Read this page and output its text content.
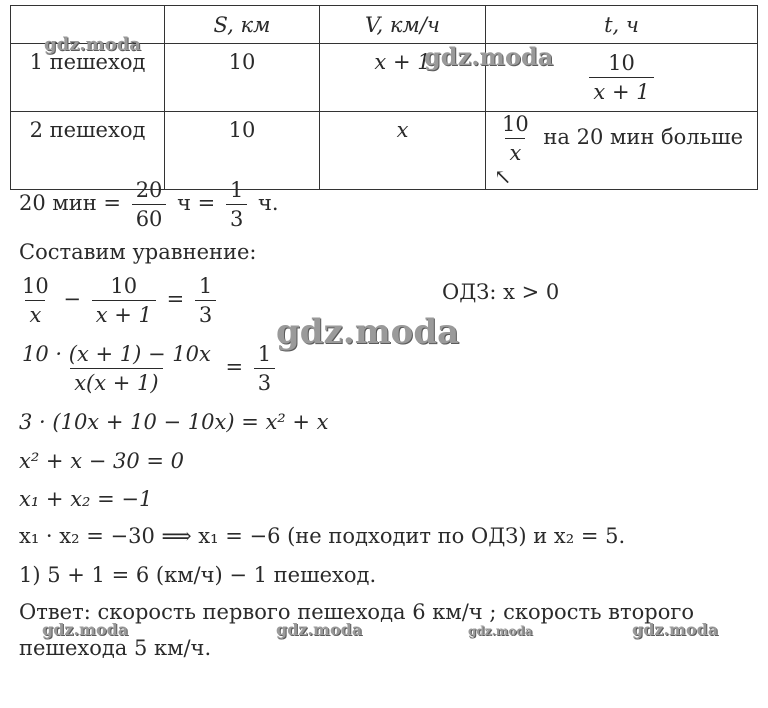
	S, км	V, км/ч	t, ч
1 пешеход	10	x + 1	$\frac{10}{x + 1}$

2 пешеход	10	x	$\frac{10}{x}$ на 20 мин больше ↖
20 мин = $\frac{20}{60}$ $ч = \frac{1}{3} ч$.
Составим уравнение:
$\frac{10}{x} - \frac{10}{x + 1} = \frac{1}{3}$	ОДЗ: x > 0
$\frac{10 \cdot (x + 1) - 10x}{x(x + 1)} = \frac{1}{3}$
3 · (10x + 10 − 10x) = x² + x
x² + x − 30 = 0
x₁ + x₂ = −1
x₁ · x₂ = −30 ⟹ x₁ = −6 (не подходит по ОДЗ) и x₂ = 5.
1) 5 + 1 = 6 (км/ч) − 1 пешеход.
Ответ: скорость первого пешехода 6 км/ч ; скорость второго
пешехода 5 км/ч.
gdz.moda	gdz.moda
gdz.moda
gdz.moda	gdz.moda	gdz.moda	gdz.moda
